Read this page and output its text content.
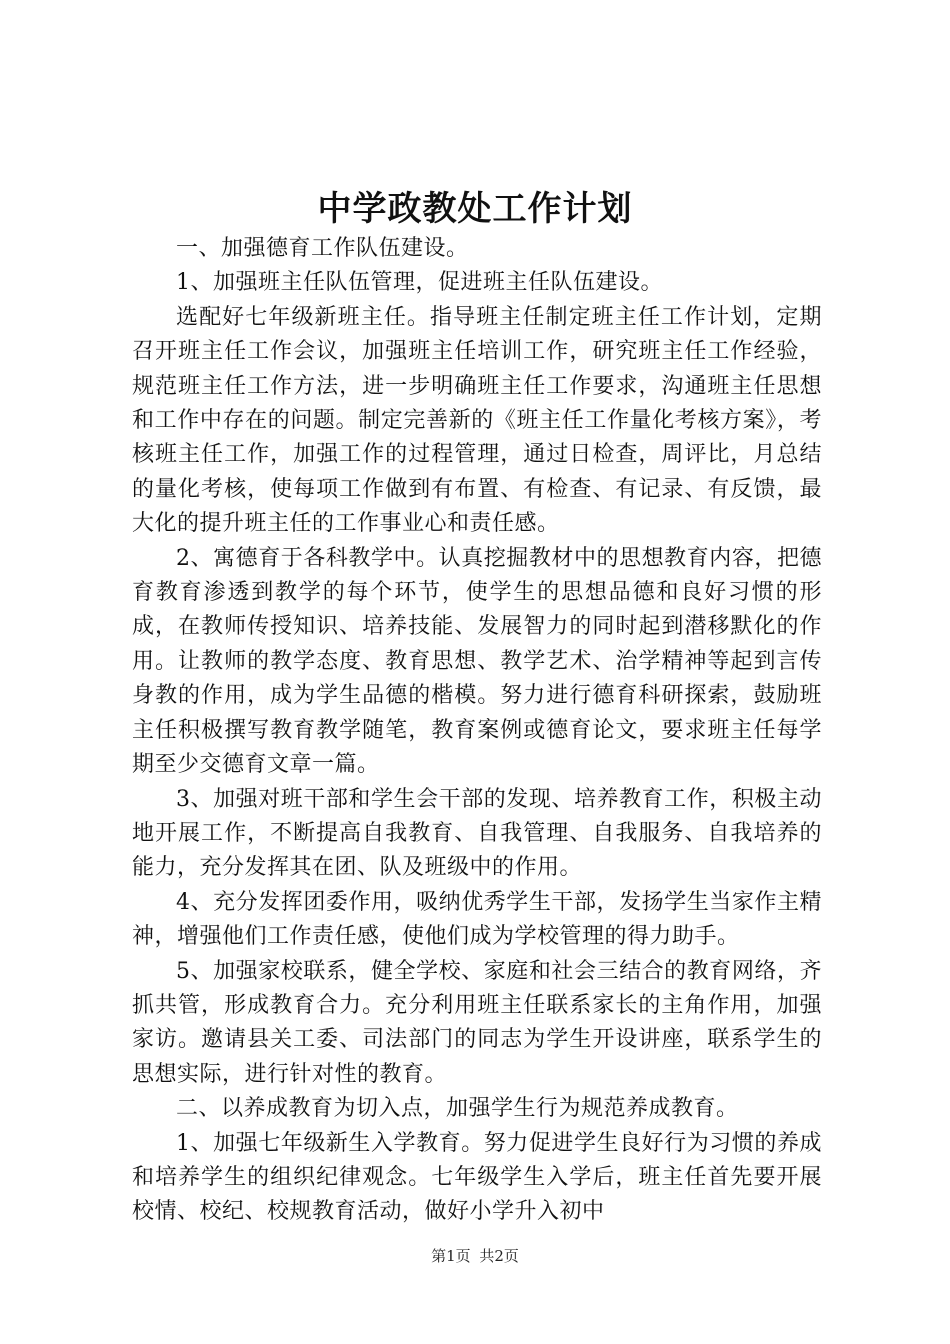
中学政教处工作计划

一、加强德育工作队伍建设。

1、加强班主任队伍管理，促进班主任队伍建设。

选配好七年级新班主任。指导班主任制定班主任工作计划，定期召开班主任工作会议，加强班主任培训工作，研究班主任工作经验，规范班主任工作方法，进一步明确班主任工作要求，沟通班主任思想和工作中存在的问题。制定完善新的《班主任工作量化考核方案》，考核班主任工作，加强工作的过程管理，通过日检查，周评比，月总结的量化考核，使每项工作做到有布置、有检查、有记录、有反馈，最大化的提升班主任的工作事业心和责任感。

2、寓德育于各科教学中。认真挖掘教材中的思想教育内容，把德育教育渗透到教学的每个环节，使学生的思想品德和良好习惯的形成，在教师传授知识、培养技能、发展智力的同时起到潜移默化的作用。让教师的教学态度、教育思想、教学艺术、治学精神等起到言传身教的作用，成为学生品德的楷模。努力进行德育科研探索，鼓励班主任积极撰写教育教学随笔，教育案例或德育论文，要求班主任每学期至少交德育文章一篇。

3、加强对班干部和学生会干部的发现、培养教育工作，积极主动地开展工作，不断提高自我教育、自我管理、自我服务、自我培养的能力，充分发挥其在团、队及班级中的作用。

4、充分发挥团委作用，吸纳优秀学生干部，发扬学生当家作主精神，增强他们工作责任感，使他们成为学校管理的得力助手。

5、加强家校联系，健全学校、家庭和社会三结合的教育网络，齐抓共管，形成教育合力。充分利用班主任联系家长的主角作用，加强家访。邀请县关工委、司法部门的同志为学生开设讲座，联系学生的思想实际，进行针对性的教育。

二、以养成教育为切入点，加强学生行为规范养成教育。

1、加强七年级新生入学教育。努力促进学生良好行为习惯的养成和培养学生的组织纪律观念。七年级学生入学后，班主任首先要开展校情、校纪、校规教育活动，做好小学升入初中

第1页 共2页
